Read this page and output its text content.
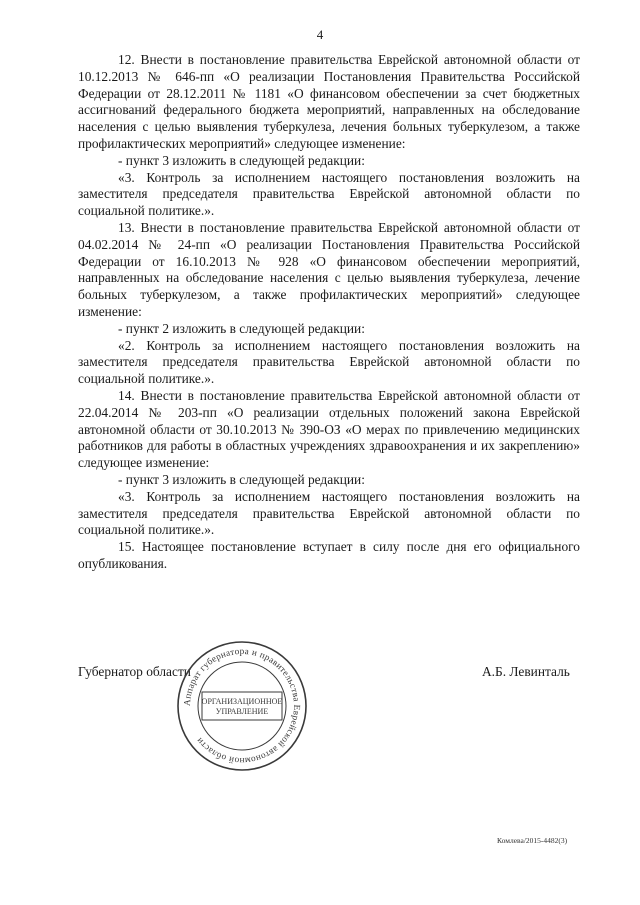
4

12. Внести в постановление правительства Еврейской автономной области от 10.12.2013 № 646-пп «О реализации Постановления Правительства Российской Федерации от 28.12.2011 № 1181 «О финансовом обеспечении за счет бюджетных ассигнований федерального бюджета мероприятий, направленных на обследование населения с целью выявления туберкулеза, лечения больных туберкулезом, а также профилактических мероприятий» следующее изменение:

- пункт 3 изложить в следующей редакции:

«3. Контроль за исполнением настоящего постановления возложить на заместителя председателя правительства Еврейской автономной области по социальной политике.».

13. Внести в постановление правительства Еврейской автономной области от 04.02.2014 № 24-пп «О реализации Постановления Правительства Российской Федерации от 16.10.2013 № 928 «О финансовом обеспечении мероприятий, направленных на обследование населения с целью выявления туберкулеза, лечение больных туберкулезом, а также профилактических мероприятий» следующее изменение:

- пункт 2 изложить в следующей редакции:

«2. Контроль за исполнением настоящего постановления возложить на заместителя председателя правительства Еврейской автономной области по социальной политике.».

14. Внести в постановление правительства Еврейской автономной области от 22.04.2014 № 203-пп «О реализации отдельных положений закона Еврейской автономной области от 30.10.2013 № 390-ОЗ «О мерах по привлечению медицинских работников для работы в областных учреждениях здравоохранения и их закреплению» следующее изменение:

- пункт 3 изложить в следующей редакции:

«3. Контроль за исполнением настоящего постановления возложить на заместителя председателя правительства Еврейской автономной области по социальной политике.».

15. Настоящее постановление вступает в силу после дня его официального опубликования.

Губернатор области	А.Б. Левинталь
Аппарат губернатора и правительства Еврейской автономной области
ОРГАНИЗАЦИОННОЕ
УПРАВЛЕНИЕ
Комлева/2015-4482(3)
